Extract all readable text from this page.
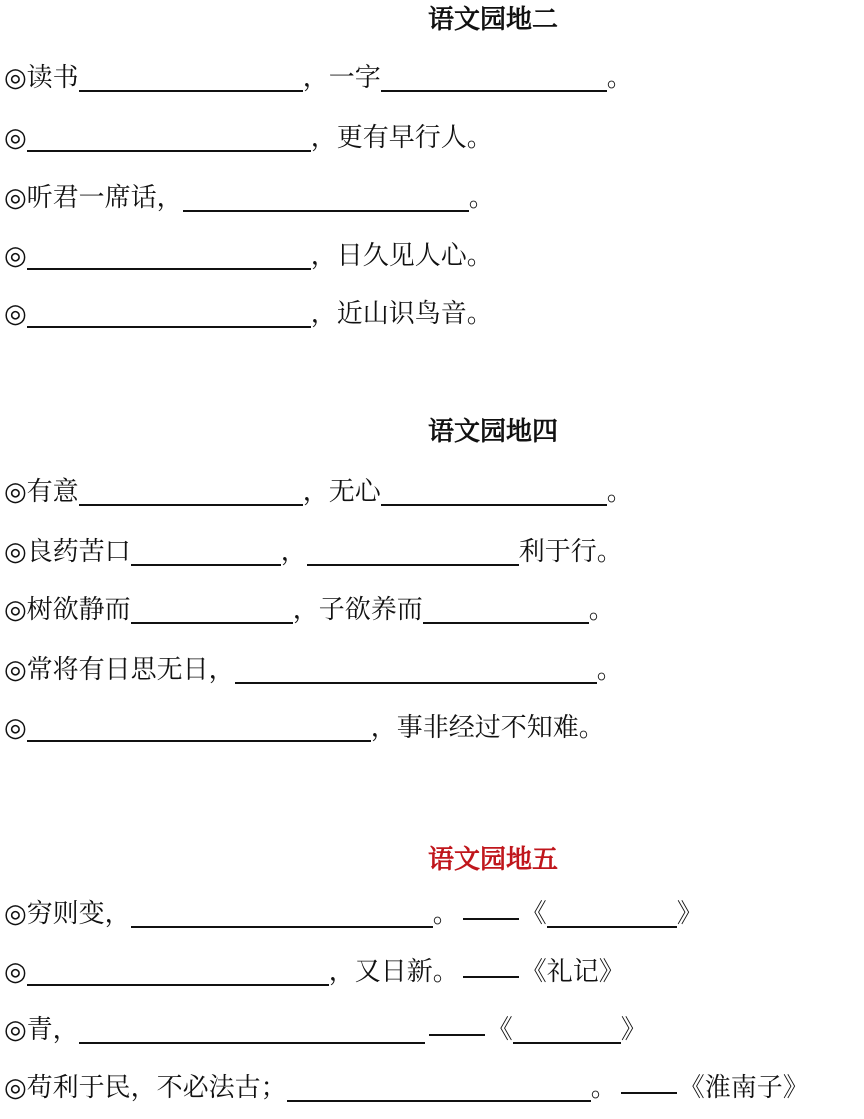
语文园地二
◎读书	，一字	。
◎	，更有早行人。
◎听君一席话，	。
◎	，日久见人心。
◎	，近山识鸟音。
语文园地四
◎有意	，无心	。
◎良药苦口	，	利于行。
◎树欲静而	，子欲养而	。
◎常将有日思无日，	。
◎	，事非经过不知难。
语文园地五
◎穷则变，	。 《	》
◎	，又日新。 《礼记》
◎青，	《	》
◎苟利于民，不必法古；	。 《淮南子》
